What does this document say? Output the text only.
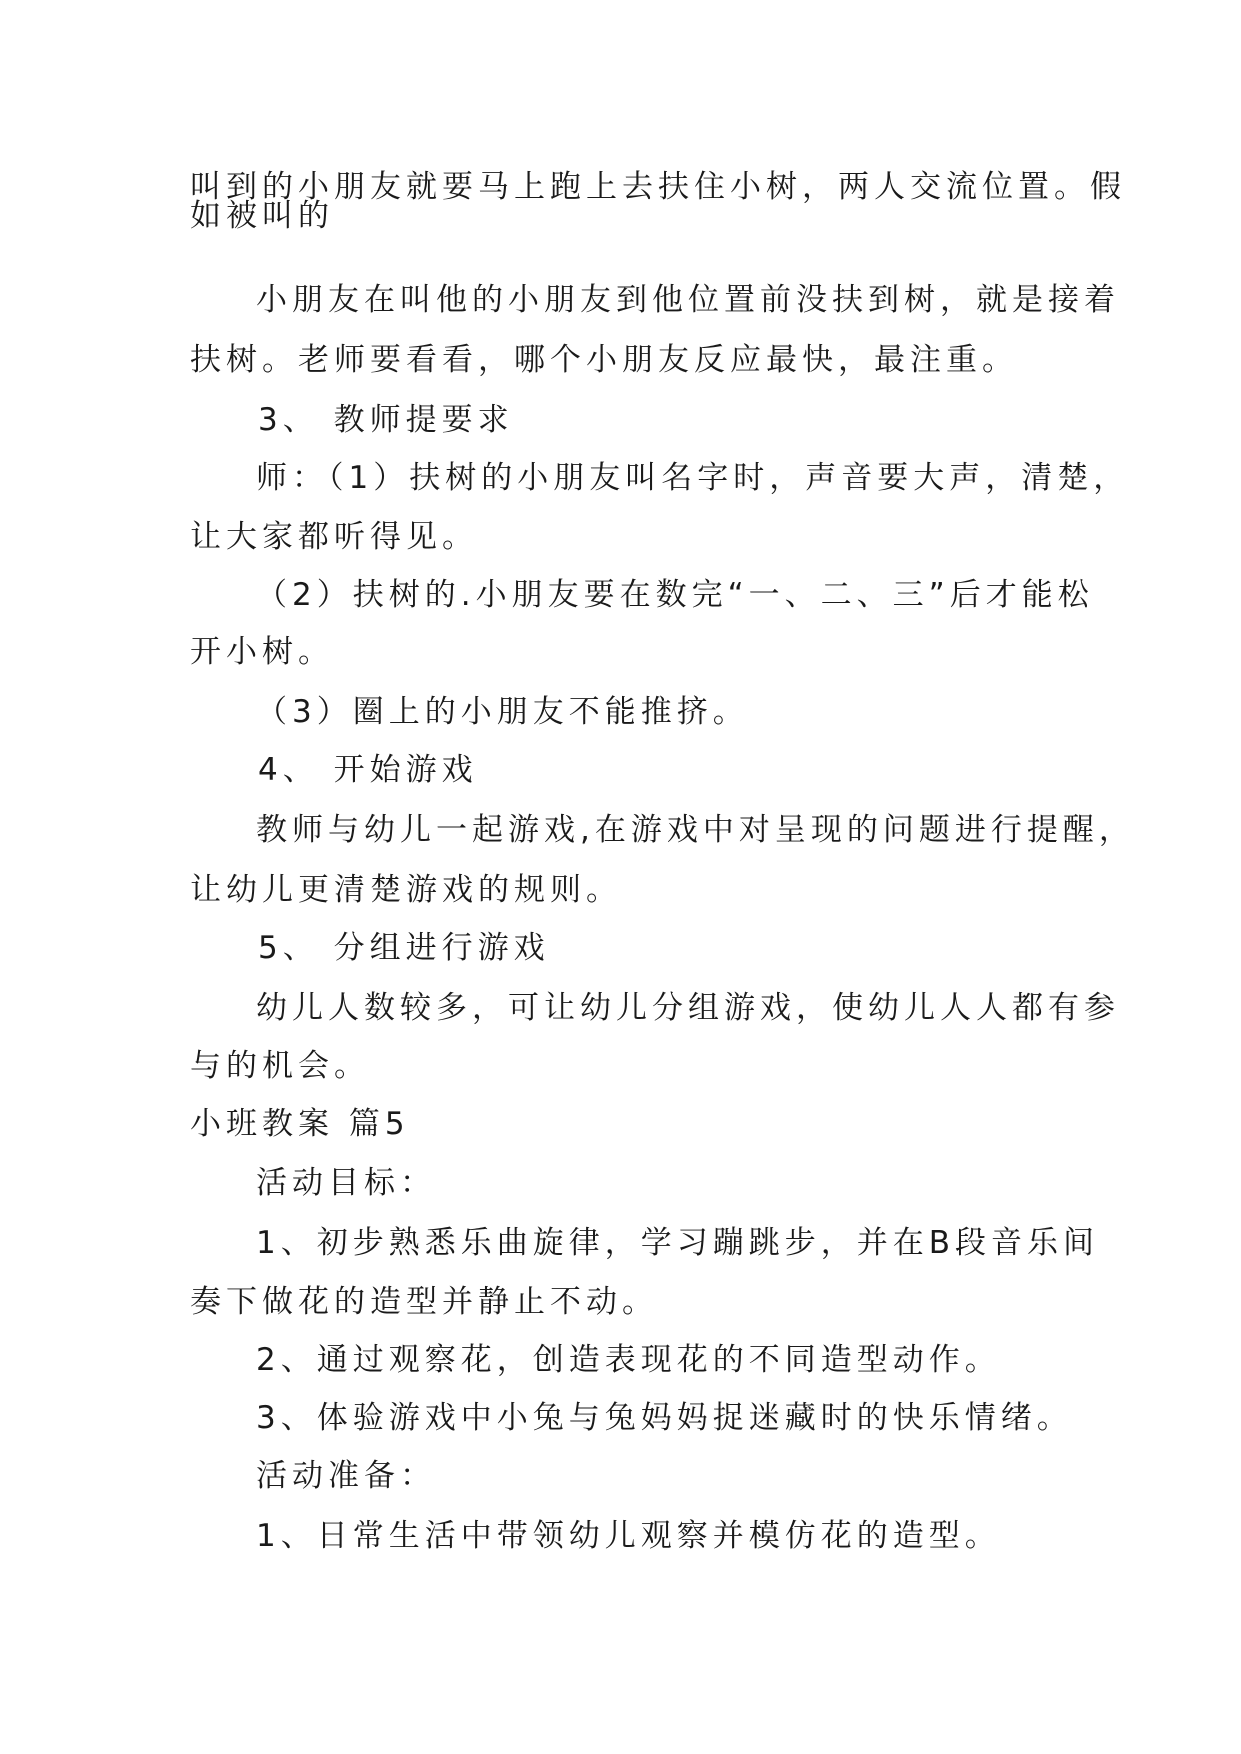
叫到的小朋友就要马上跑上去扶住小树，两人交流位置。假
如被叫的
小朋友在叫他的小朋友到他位置前没扶到树，就是接着
扶树。老师要看看，哪个小朋友反应最快，最注重。
3、 教师提要求
师：（1）扶树的小朋友叫名字时，声音要大声，清楚，
让大家都听得见。
（2）扶树的.小朋友要在数完“一、二、三”后才能松
开小树。
（3）圈上的小朋友不能推挤。
4、 开始游戏
教师与幼儿一起游戏,在游戏中对呈现的问题进行提醒，
让幼儿更清楚游戏的规则。
5、 分组进行游戏
幼儿人数较多，可让幼儿分组游戏，使幼儿人人都有参
与的机会。
小班教案 篇5
活动目标：
1、初步熟悉乐曲旋律，学习蹦跳步，并在B段音乐间
奏下做花的造型并静止不动。
2、通过观察花，创造表现花的不同造型动作。
3、体验游戏中小兔与兔妈妈捉迷藏时的快乐情绪。
活动准备：
1、日常生活中带领幼儿观察并模仿花的造型。
